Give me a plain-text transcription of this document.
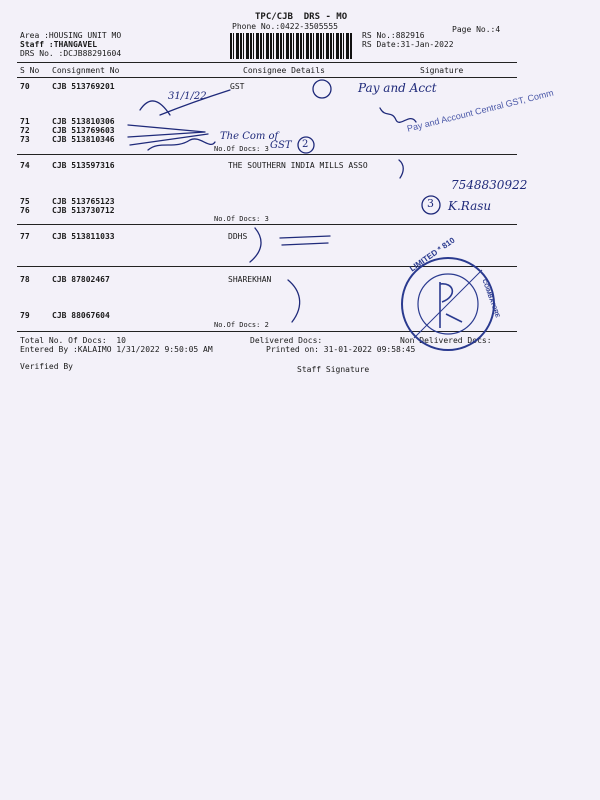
TPC/CJB  DRS - MO
Phone No.:0422-3505555	Page No.:4
Area :HOUSING UNIT MO
Staff :THANGAVEL
DRS No. :DCJB88291604
RS No.:882916
RS Date:31-Jan-2022
S No Consignment No	Consignee Details	Signature
70	CJB 513769201	GST
71	CJB 513810306
72	CJB 513769603
73	CJB 513810346
No.Of Docs: 3
74	CJB 513597316	THE SOUTHERN INDIA MILLS ASSO
75	CJB 513765123
76	CJB 513730712
No.Of Docs: 3
77	CJB 513811033	DDHS
78	CJB 87802467	SHAREKHAN
79	CJB 88067604
No.Of Docs: 2
Total No. Of Docs:  10	Delivered Docs:	Non Delivered Docs:
Entered By :KALAIMO 1/31/2022 9:50:05 AM	Printed on: 31-01-2022 09:58:45
Verified By	Staff Signature
Pay and Acct
31/1/22
The Com of
GST 2
7548830922
3 K.Rasu
Pay and Account Central GST, Comm
LIMITED * 810
COIMBATORE
